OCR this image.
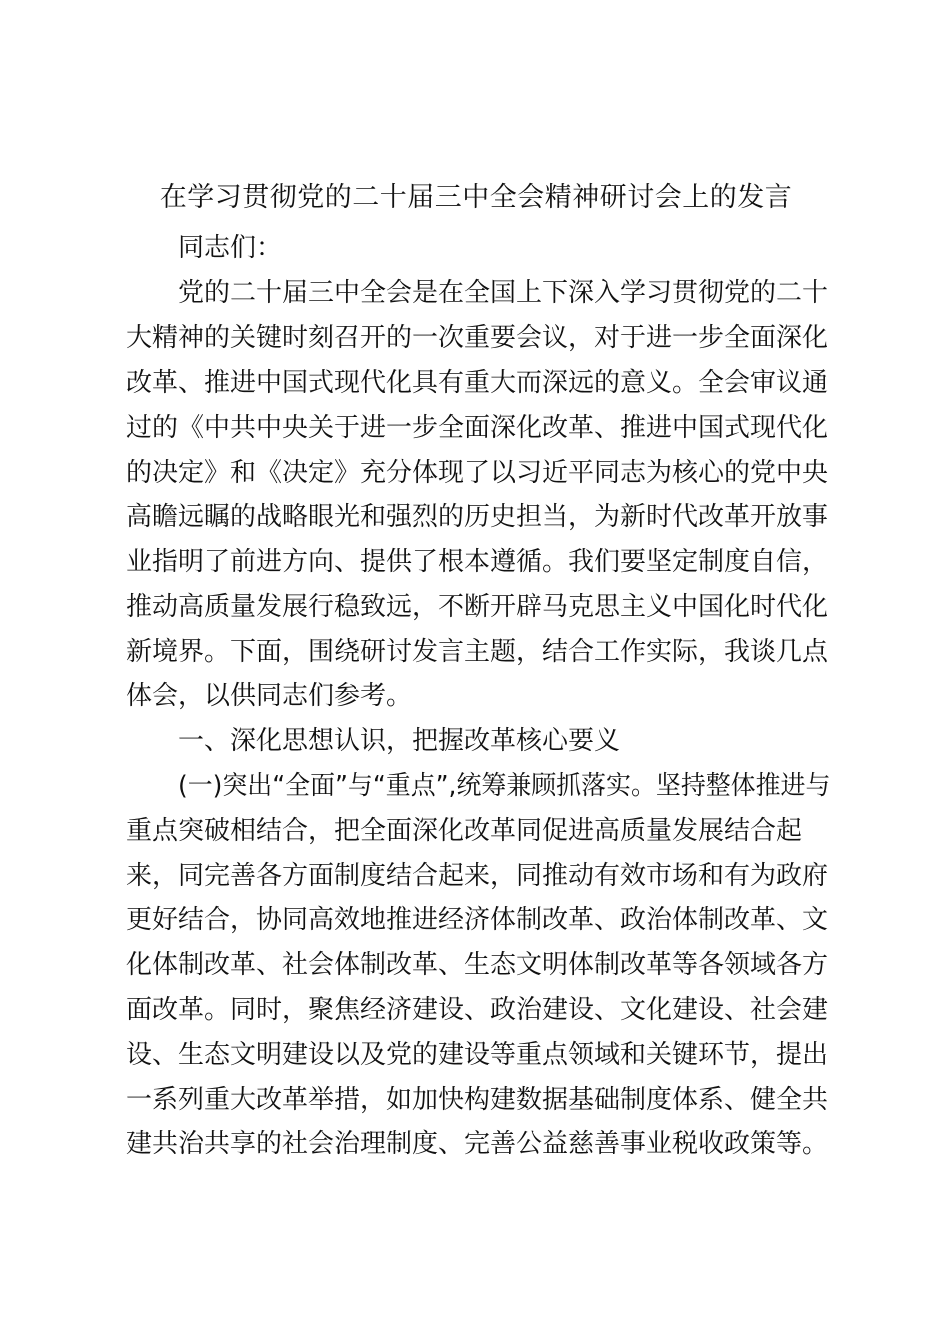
在学习贯彻党的二十届三中全会精神研讨会上的发言
同志们：
党的二十届三中全会是在全国上下深入学习贯彻党的二十
大精神的关键时刻召开的一次重要会议，对于进一步全面深化
改革、推进中国式现代化具有重大而深远的意义。全会审议通
过的《中共中央关于进一步全面深化改革、推进中国式现代化
的决定》和《决定》充分体现了以习近平同志为核心的党中央
高瞻远瞩的战略眼光和强烈的历史担当，为新时代改革开放事
业指明了前进方向、提供了根本遵循。我们要坚定制度自信，
推动高质量发展行稳致远，不断开辟马克思主义中国化时代化
新境界。下面，围绕研讨发言主题，结合工作实际，我谈几点
体会，以供同志们参考。
一、深化思想认识，把握改革核心要义
(一)突出“全面”与“重点”,统筹兼顾抓落实。坚持整体推进与
重点突破相结合，把全面深化改革同促进高质量发展结合起
来，同完善各方面制度结合起来，同推动有效市场和有为政府
更好结合，协同高效地推进经济体制改革、政治体制改革、文
化体制改革、社会体制改革、生态文明体制改革等各领域各方
面改革。同时，聚焦经济建设、政治建设、文化建设、社会建
设、生态文明建设以及党的建设等重点领域和关键环节，提出
一系列重大改革举措，如加快构建数据基础制度体系、健全共
建共治共享的社会治理制度、完善公益慈善事业税收政策等。
